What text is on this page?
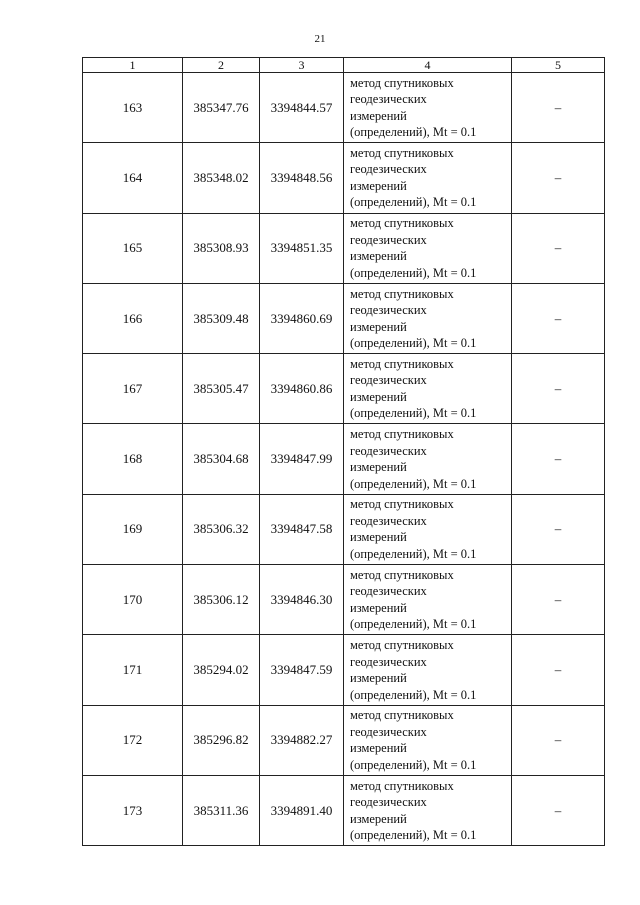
21
1	2	3	4	5
163	385347.76	3394844.57	метод спутниковых
геодезических
измерений
(определений), Mt = 0.1	–
164	385348.02	3394848.56	метод спутниковых
геодезических
измерений
(определений), Mt = 0.1	–
165	385308.93	3394851.35	метод спутниковых
геодезических
измерений
(определений), Mt = 0.1	–
166	385309.48	3394860.69	метод спутниковых
геодезических
измерений
(определений), Mt = 0.1	–
167	385305.47	3394860.86	метод спутниковых
геодезических
измерений
(определений), Mt = 0.1	–
168	385304.68	3394847.99	метод спутниковых
геодезических
измерений
(определений), Mt = 0.1	–
169	385306.32	3394847.58	метод спутниковых
геодезических
измерений
(определений), Mt = 0.1	–
170	385306.12	3394846.30	метод спутниковых
геодезических
измерений
(определений), Mt = 0.1	–
171	385294.02	3394847.59	метод спутниковых
геодезических
измерений
(определений), Mt = 0.1	–
172	385296.82	3394882.27	метод спутниковых
геодезических
измерений
(определений), Mt = 0.1	–
173	385311.36	3394891.40	метод спутниковых
геодезических
измерений
(определений), Mt = 0.1	–
